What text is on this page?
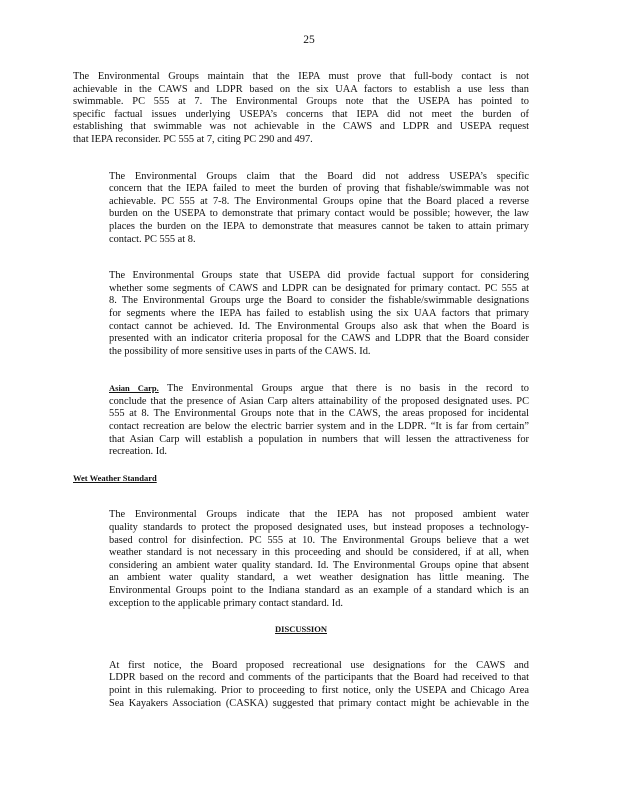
25

The Environmental Groups maintain that the IEPA must prove that full-body contact is not
achievable in the CAWS and LDPR based on the six UAA factors to establish a use less than
swimmable. PC 555 at 7. The Environmental Groups note that the USEPA has pointed to
specific factual issues underlying USEPA’s concerns that IEPA did not meet the burden of
establishing that swimmable was not achievable in the CAWS and LDPR and USEPA request
that IEPA reconsider. PC 555 at 7, citing PC 290 and 497.

The Environmental Groups claim that the Board did not address USEPA’s specific
concern that the IEPA failed to meet the burden of proving that fishable/swimmable was not
achievable. PC 555 at 7-8. The Environmental Groups opine that the Board placed a reverse
burden on the USEPA to demonstrate that primary contact would be possible; however, the law
places the burden on the IEPA to demonstrate that measures cannot be taken to attain primary
contact. PC 555 at 8.

The Environmental Groups state that USEPA did provide factual support for considering
whether some segments of CAWS and LDPR can be designated for primary contact. PC 555 at
8. The Environmental Groups urge the Board to consider the fishable/swimmable designations
for segments where the IEPA has failed to establish using the six UAA factors that primary
contact cannot be achieved. Id. The Environmental Groups also ask that when the Board is
presented with an indicator criteria proposal for the CAWS and LDPR that the Board consider
the possibility of more sensitive uses in parts of the CAWS. Id.

Asian Carp. The Environmental Groups argue that there is no basis in the record to
conclude that the presence of Asian Carp alters attainability of the proposed designated uses. PC
555 at 8. The Environmental Groups note that in the CAWS, the areas proposed for incidental
contact recreation are below the electric barrier system and in the LDPR. “It is far from certain”
that Asian Carp will establish a population in numbers that will lessen the attractiveness for
recreation. Id.

Wet Weather Standard

The Environmental Groups indicate that the IEPA has not proposed ambient water
quality standards to protect the proposed designated uses, but instead proposes a technology-
based control for disinfection. PC 555 at 10. The Environmental Groups believe that a wet
weather standard is not necessary in this proceeding and should be considered, if at all, when
considering an ambient water quality standard. Id. The Environmental Groups opine that absent
an ambient water quality standard, a wet weather designation has little meaning. The
Environmental Groups point to the Indiana standard as an example of a standard which is an
exception to the applicable primary contact standard. Id.

DISCUSSION

At first notice, the Board proposed recreational use designations for the CAWS and
LDPR based on the record and comments of the participants that the Board had received to that
point in this rulemaking. Prior to proceeding to first notice, only the USEPA and Chicago Area
Sea Kayakers Association (CASKA) suggested that primary contact might be achievable in the
